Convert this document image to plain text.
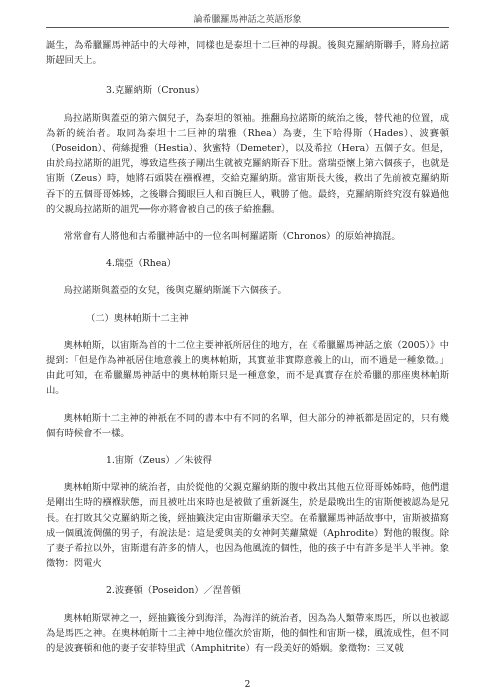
論希臘羅馬神話之英語形象

誕生，為希臘羅馬神話中的大母神，同樣也是泰坦十二巨神的母親。後與克羅納斯聯手，將烏拉諾斯趕回天上。

3.克羅納斯（Cronus）

烏拉諾斯與蓋亞的第六個兒子，為泰坦的領袖。推翻烏拉諾斯的統治之後，替代祂的位置，成為新的統治者。取同為泰坦十二巨神的瑞雅（Rhea）為妻，生下哈得斯（Hades）、波賽頓（Poseidon）、荷絲提雅（Hestia）、狄蜜特（Demeter），以及希拉（Hera）五個子女。但是，由於烏拉諾斯的詛咒，導致這些孩子剛出生就被克羅納斯吞下肚。當瑞亞懷上第六個孩子，也就是宙斯（Zeus）時，她將石頭裝在襁褓裡，交給克羅納斯。當宙斯長大後，救出了先前被克羅納斯吞下的五個哥哥姊姊，之後聯合獨眼巨人和百腕巨人，戰勝了他。最終，克羅納斯終究沒有躲過他的父親烏拉諾斯的詛咒──你亦將會被自己的孩子給推翻。

常常會有人將他和古希臘神話中的一位名叫柯羅諾斯（Chronos）的原始神搞混。

4.瑞亞（Rhea）

烏拉諾斯與蓋亞的女兒，後與克羅納斯誕下六個孩子。

（二）奧林帕斯十二主神

奧林帕斯，以宙斯為首的十二位主要神祇所居住的地方，在《希臘羅馬神話之旅（2005）》中提到：「但是作為神祇居住地意義上的奧林帕斯，其實並非實際意義上的山，而不過是一種象徵。」由此可知，在希臘羅馬神話中的奧林帕斯只是一種意象，而不是真實存在於希臘的那座奧林帕斯山。

奧林帕斯十二主神的神祇在不同的書本中有不同的名單，但大部分的神祇都是固定的，只有幾個有時候會不一樣。

1.宙斯（Zeus）／朱彼得

奧林帕斯中眾神的統治者，由於從他的父親克羅納斯的腹中救出其他五位哥哥姊姊時，他們還是剛出生時的襁褓狀態，而且被吐出來時也是被做了重新誕生，於是最晚出生的宙斯便被認為是兄長。在打敗其父克羅納斯之後，經抽籤決定由宙斯繼承天空。在希臘羅馬神話故事中，宙斯被描寫成一個風流倜儻的男子，有說法是：這是愛與美的女神阿芙蘿黛媞（Aphrodite）對他的報復。除了妻子希拉以外，宙斯還有許多的情人，也因為他風流的個性，他的孩子中有許多是半人半神。象徵物：閃電火

2.波賽頓（Poseidon）／涅普頓

奧林帕斯眾神之一，經抽籤後分到海洋，為海洋的統治者，因為為人類帶來馬匹，所以也被認為是馬匹之神。在奧林帕斯十二主神中地位僅次於宙斯，他的個性和宙斯一樣，風流成性，但不同的是波賽頓和他的妻子安菲特里武（Amphitrite）有一段美好的婚姻。象徵物：三叉戟

2
